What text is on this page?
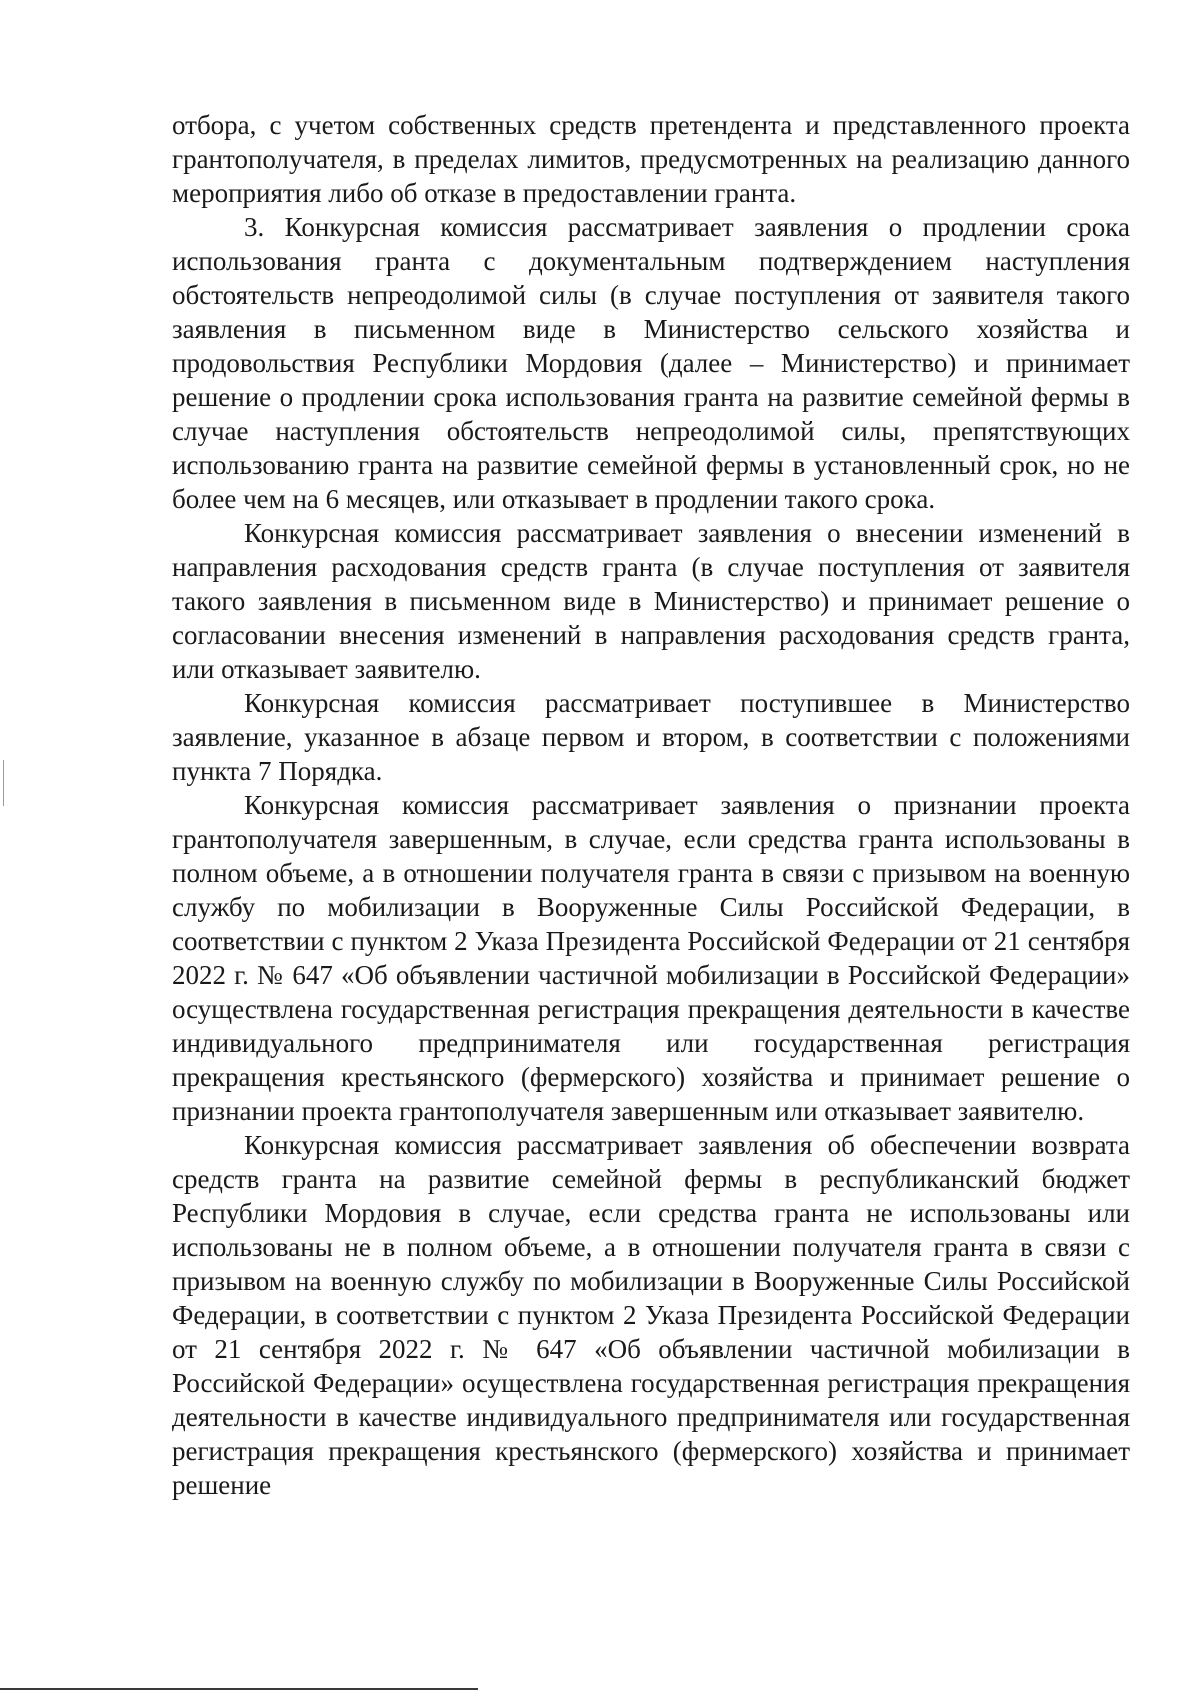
отбора, с учетом собственных средств претендента и представленного проекта грантополучателя, в пределах лимитов, предусмотренных на реализацию данного мероприятия либо об отказе в предоставлении гранта.

3. Конкурсная комиссия рассматривает заявления о продлении срока использования гранта с документальным подтверждением наступления обстоятельств непреодолимой силы (в случае поступления от заявителя такого заявления в письменном виде в Министерство сельского хозяйства и продовольствия Республики Мордовия (далее – Министерство) и принимает решение о продлении срока использования гранта на развитие семейной фермы в случае наступления обстоятельств непреодолимой силы, препятствующих использованию гранта на развитие семейной фермы в установленный срок, но не более чем на 6 месяцев, или отказывает в продлении такого срока.

Конкурсная комиссия рассматривает заявления о внесении изменений в направления расходования средств гранта (в случае поступления от заявителя такого заявления в письменном виде в Министерство) и принимает решение о согласовании внесения изменений в направления расходования средств гранта, или отказывает заявителю.

Конкурсная комиссия рассматривает поступившее в Министерство заявление, указанное в абзаце первом и втором, в соответствии с положениями пункта 7 Порядка.

Конкурсная комиссия рассматривает заявления о признании проекта грантополучателя завершенным, в случае, если средства гранта использованы в полном объеме, а в отношении получателя гранта в связи с призывом на военную службу по мобилизации в Вооруженные Силы Российской Федерации, в соответствии с пунктом 2 Указа Президента Российской Федерации от 21 сентября 2022 г. № 647 «Об объявлении частичной мобилизации в Российской Федерации» осуществлена государственная регистрация прекращения деятельности в качестве индивидуального предпринимателя или государственная регистрация прекращения крестьянского (фермерского) хозяйства и принимает решение о признании проекта грантополучателя завершенным или отказывает заявителю.

Конкурсная комиссия рассматривает заявления об обеспечении возврата средств гранта на развитие семейной фермы в республиканский бюджет Республики Мордовия в случае, если средства гранта не использованы или использованы не в полном объеме, а в отношении получателя гранта в связи с призывом на военную службу по мобилизации в Вооруженные Силы Российской Федерации, в соответствии с пунктом 2 Указа Президента Российской Федерации от 21 сентября 2022 г. № 647 «Об объявлении частичной мобилизации в Российской Федерации» осуществлена государственная регистрация прекращения деятельности в качестве индивидуального предпринимателя или государственная регистрация прекращения крестьянского (фермерского) хозяйства и принимает решение
